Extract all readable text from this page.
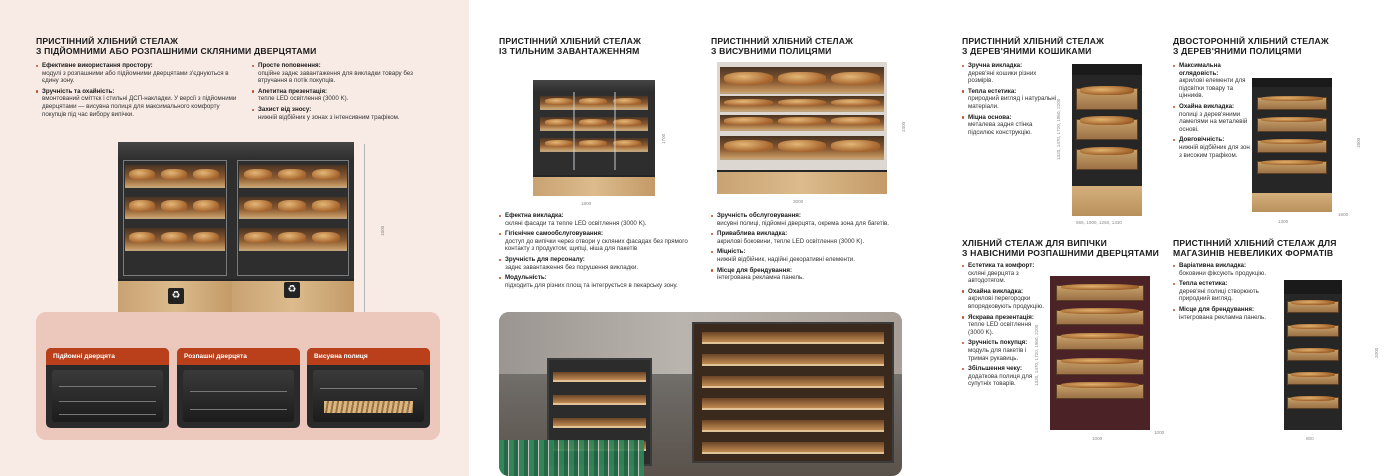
ПРИСТІННИЙ ХЛІБНИЙ СТЕЛАЖ
З ПІДЙОМНИМИ АБО РОЗПАШНИМИ СКЛЯНИМИ ДВЕРЦЯТАМИ
Ефективне використання простору:
модулі з розпашними або підйомними дверцятами з'єднуються в єдину зону.
Зручність та охайність:
вмонтований сміттєк і стильні ДСП-накладки. У версії з підйомними дверцятами — висувна полиця для максимального комфорту покупців під час вибору випічки.
Просте поповнення:
опційне заднє завантаження для викладки товару без втручання в потік покупців.
Апетитна презентація:
тепле LED освітлення (3000 K).
Захист від зносу:
нижній відбійник у зонах з інтенсивним трафіком.
♻
♻
1800
Підйомні дверцята	Розпашні дверцята	Висувна полиця
ПРИСТІННИЙ ХЛІБНИЙ СТЕЛАЖ
ІЗ ТИЛЬНИМ ЗАВАНТАЖЕННЯМ
ПРИСТІННИЙ ХЛІБНИЙ СТЕЛАЖ
З ВИСУВНИМИ ПОЛИЦЯМИ
1700
1800
2400
3000
Ефектна викладка:
скляні фасади та тепле LED освітлення (3000 K).
Гігієнічне самообслуговування:
доступ до випічки через отвори у скляних фасадах без прямого контакту з продуктом; щипці, ніша для пакетів
Зручність для персоналу:
заднє завантаження без порушення викладки.
Модульність:
підходить для різних площ та інтегрується в пекарську зону.
Зручність обслуговування:
висувні полиці, підйомні дверцята, окрема зона для багетів.
Приваблива викладка:
акрилові боковини, тепле LED освітлення (3000 K).
Міцність:
нижній відбійник, надійні декоративні елементи.
Місце для брендування:
інтегрована рекламна панель.
ПРИСТІННИЙ ХЛІБНИЙ СТЕЛАЖ
З ДЕРЕВ'ЯНИМИ КОШИКАМИ
Зручна викладка:
дерев'яні кошики різних розмірів.
Тепла естетика:
природний вигляд і натуральні матеріали.
Міцна основа:
металева задня стінка підсилює конструкцію.	1320, 1470, 1720, 1950, 2200
665, 1000, 1250, 1330
ДВОСТОРОННІЙ ХЛІБНИЙ СТЕЛАЖ
З ДЕРЕВ'ЯНИМИ ПОЛИЦЯМИ
Максимальна оглядовість:
акрилові елементи для підсвітки товару та цінників.
Охайна викладка:
полиці з дерев'яними ламелями на металевій основі.
Довговічність:
нижній відбійник для зон з високим трафіком.
1800
1300
1600
ХЛІБНИЙ СТЕЛАЖ ДЛЯ ВИПІЧКИ
З НАВІСНИМИ РОЗПАШНИМИ ДВЕРЦЯТАМИ
Естетика та комфорт:
скляні дверцята з автодотягом.
Охайна викладка:
акрилові перегородки впорядковують продукцію.
Яскрава презентація:
тепле LED освітлення (3000 K).
Зручність покупця:
модуль для пакетів і тримач рукавиць.
Збільшення чеку:
додаткова полиця для супутніх товарів.	1320, 1470, 1720, 1950, 2200
1000
1000
ПРИСТІННИЙ ХЛІБНИЙ СТЕЛАЖ ДЛЯ
МАГАЗИНІВ НЕВЕЛИКИХ ФОРМАТІВ
Варіативна викладка:
боковини фіксують продукцію.
Тепла естетика:
дерев'яні полиці створюють природний вигляд.
Місце для брендування:
інтегрована рекламна панель.
2000
800
